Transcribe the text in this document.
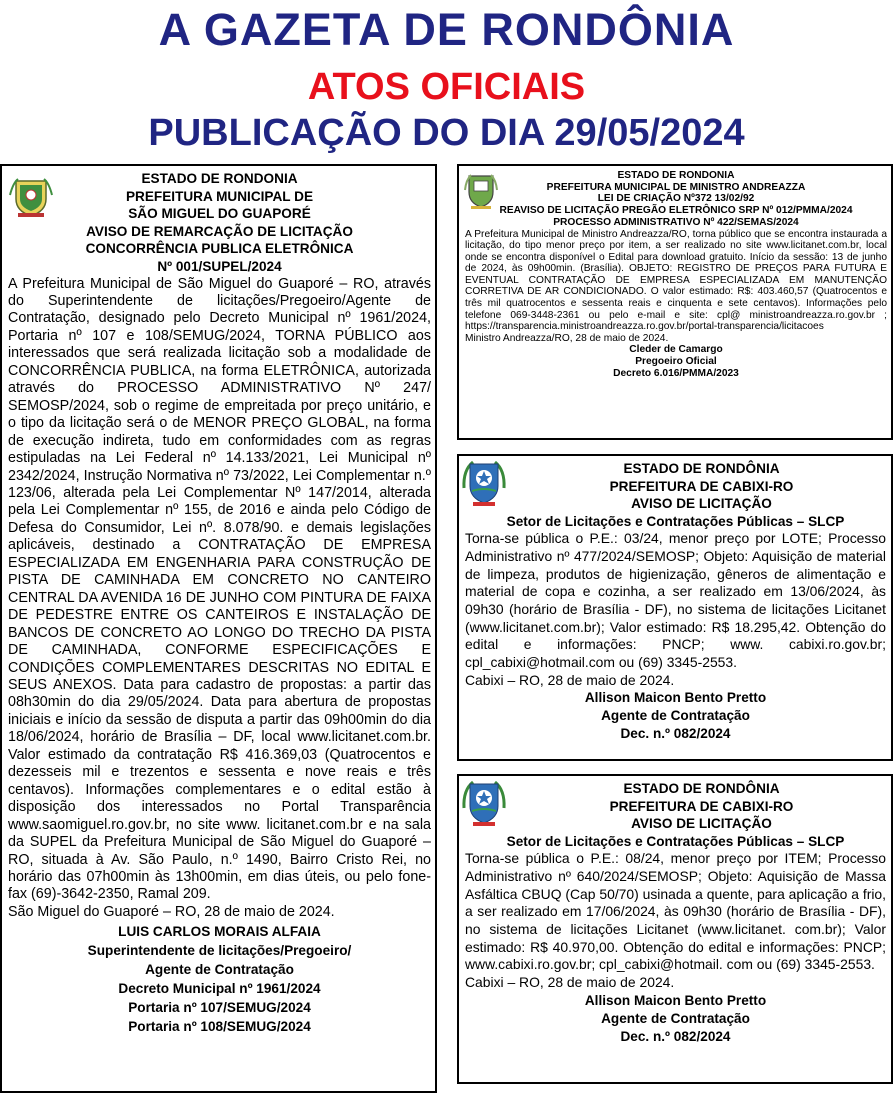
A GAZETA DE RONDÔNIA
ATOS OFICIAIS
PUBLICAÇÃO DO DIA 29/05/2024
ESTADO DE RONDONIA
PREFEITURA MUNICIPAL DE
SÃO MIGUEL DO GUAPORÉ
AVISO DE REMARCAÇÃO DE LICITAÇÃO
CONCORRÊNCIA PUBLICA ELETRÔNICA
Nº 001/SUPEL/2024
A Prefeitura Municipal de São Miguel do Guaporé – RO, através do Superintendente de licitações/Pregoeiro/Agente de Contratação, designado pelo Decreto Municipal nº 1961/2024, Portaria nº 107 e 108/SEMUG/2024, TORNA PÚBLICO aos interessados que será realizada licitação sob a modalidade de CONCORRÊNCIA PUBLICA, na forma ELETRÔNICA, autorizada através do PROCESSO ADMINISTRATIVO Nº 247/ SEMOSP/2024, sob o regime de empreitada por preço unitário, e o tipo da licitação será o de MENOR PREÇO GLOBAL, na forma de execução indireta, tudo em conformidades com as regras estipuladas na Lei Federal nº 14.133/2021, Lei Municipal nº 2342/2024, Instrução Normativa nº 73/2022, Lei Complementar n.º 123/06, alterada pela Lei Complementar Nº 147/2014, alterada pela Lei Complementar nº 155, de 2016 e ainda pelo Código de Defesa do Consumidor, Lei nº. 8.078/90. e demais legislações aplicáveis, destinado a CONTRATAÇÃO DE EMPRESA ESPECIALIZADA EM ENGENHARIA PARA CONSTRUÇÃO DE PISTA DE CAMINHADA EM CONCRETO NO CANTEIRO CENTRAL DA AVENIDA 16 DE JUNHO COM PINTURA DE FAIXA DE PEDESTRE ENTRE OS CANTEIROS E INSTALAÇÃO DE BANCOS DE CONCRETO AO LONGO DO TRECHO DA PISTA DE CAMINHADA, CONFORME ESPECIFICAÇÕES E CONDIÇÕES COMPLEMENTARES DESCRITAS NO EDITAL E SEUS ANEXOS. Data para cadastro de propostas: a partir das 08h30min do dia 29/05/2024. Data para abertura de propostas iniciais e início da sessão de disputa a partir das 09h00min do dia 18/06/2024, horário de Brasília – DF, local www.licitanet.com.br. Valor estimado da contratação R$ 416.369,03 (Quatrocentos e dezesseis mil e trezentos e sessenta e nove reais e três centavos). Informações complementares e o edital estão à disposição dos interessados no Portal Transparência www.saomiguel.ro.gov.br, no site www. licitanet.com.br e na sala da SUPEL da Prefeitura Municipal de São Miguel do Guaporé – RO, situada à Av. São Paulo, n.º 1490, Bairro Cristo Rei, no horário das 07h00min às 13h00min, em dias úteis, ou pelo fone-fax (69)-3642-2350, Ramal 209.
São Miguel do Guaporé – RO, 28 de maio de 2024.
LUIS CARLOS MORAIS ALFAIA
Superintendente de licitações/Pregoeiro/
Agente de Contratação
Decreto Municipal nº 1961/2024
Portaria nº 107/SEMUG/2024
Portaria nº 108/SEMUG/2024
ESTADO DE RONDONIA
PREFEITURA MUNICIPAL DE MINISTRO ANDREAZZA
LEI DE CRIAÇÃO Nº372 13/02/92
REAVISO DE LICITAÇÃO PREGÃO ELETRÔNICO SRP Nº 012/PMMA/2024
PROCESSO ADMINISTRATIVO Nº 422/SEMAS/2024
A Prefeitura Municipal de Ministro Andreazza/RO, torna público que se encontra instaurada a licitação, do tipo menor preço por item, a ser realizado no site www.licitanet.com.br, local onde se encontra disponível o Edital para download gratuito. Início da sessão: 13 de junho de 2024, às 09h00min. (Brasília). OBJETO: REGISTRO DE PREÇOS PARA FUTURA E EVENTUAL CONTRATAÇÃO DE EMPRESA ESPECIALIZADA EM MANUTENÇÃO CORRETIVA DE AR CONDICIONADO. O valor estimado: R$: 403.460,57 (Quatrocentos e três mil quatrocentos e sessenta reais e cinquenta e sete centavos). Informações pelo telefone 069-3448-2361 ou pelo e-mail e site: cpl@ ministroandreazza.ro.gov.br ; https://transparencia.ministroandreazza.ro.gov.br/portal-transparencia/licitacoes
Ministro Andreazza/RO, 28 de maio de 2024.
Cleder de Camargo
Pregoeiro Oficial
Decreto 6.016/PMMA/2023
ESTADO DE RONDÔNIA
PREFEITURA DE CABIXI-RO
AVISO DE LICITAÇÃO
Setor de Licitações e Contratações Públicas – SLCP
Torna-se pública o P.E.: 03/24, menor preço por LOTE; Processo Administrativo nº 477/2024/SEMOSP; Objeto: Aquisição de material de limpeza, produtos de higienização, gêneros de alimentação e material de copa e cozinha, a ser realizado em 13/06/2024, às 09h30 (horário de Brasília - DF), no sistema de licitações Licitanet (www.licitanet.com.br); Valor estimado: R$ 18.295,42. Obtenção do edital e informações: PNCP; www. cabixi.ro.gov.br; cpl_cabixi@hotmail.com ou (69) 3345-2553.
Cabixi – RO, 28 de maio de 2024.
Allison Maicon Bento Pretto
Agente de Contratação
Dec. n.º 082/2024
ESTADO DE RONDÔNIA
PREFEITURA DE CABIXI-RO
AVISO DE LICITAÇÃO
Setor de Licitações e Contratações Públicas – SLCP
Torna-se pública o P.E.: 08/24, menor preço por ITEM; Processo Administrativo nº 640/2024/SEMOSP; Objeto: Aquisição de Massa Asfáltica CBUQ (Cap 50/70) usinada a quente, para aplicação a frio, a ser realizado em 17/06/2024, às 09h30 (horário de Brasília - DF), no sistema de licitações Licitanet (www.licitanet. com.br); Valor estimado: R$ 40.970,00. Obtenção do edital e informações: PNCP; www.cabixi.ro.gov.br; cpl_cabixi@hotmail. com ou (69) 3345-2553.
Cabixi – RO, 28 de maio de 2024.
Allison Maicon Bento Pretto
Agente de Contratação
Dec. n.º 082/2024
